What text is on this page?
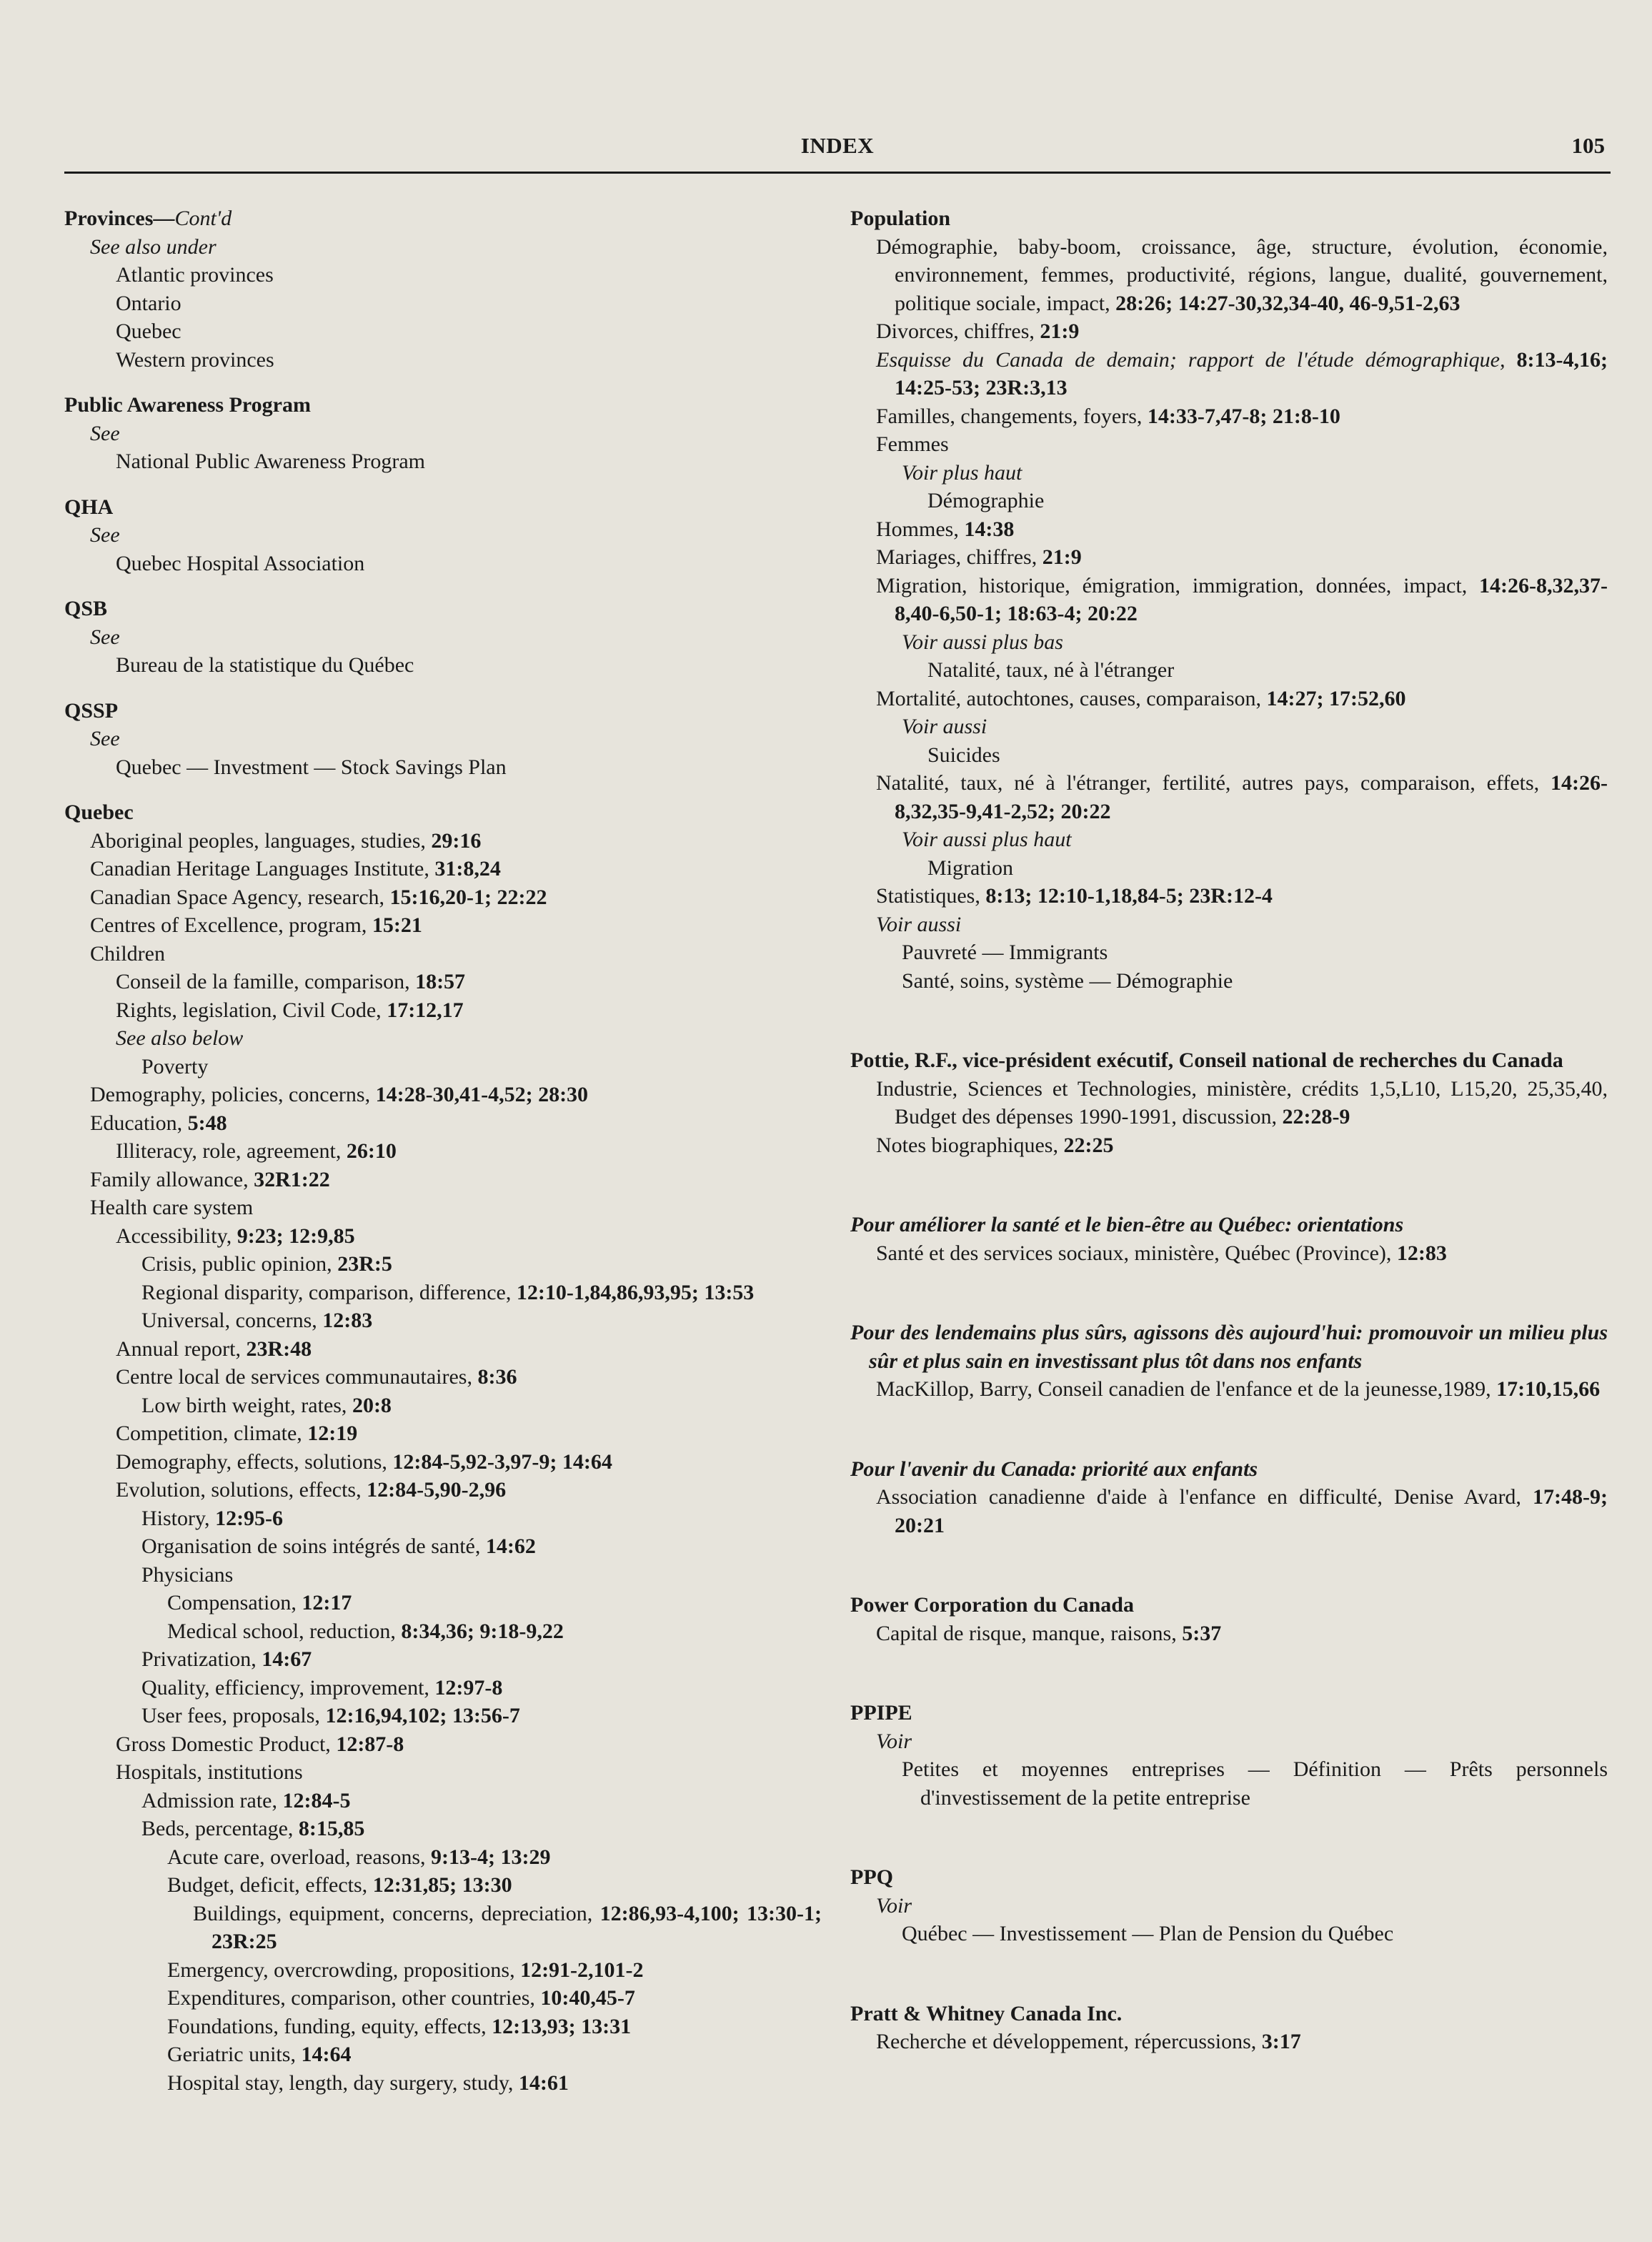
INDEX	105
Provinces—Cont'd
See also under
Atlantic provinces
Ontario
Quebec
Western provinces
Public Awareness Program
See
National Public Awareness Program
QHA
See
Quebec Hospital Association
QSB
See
Bureau de la statistique du Québec
QSSP
See
Quebec — Investment — Stock Savings Plan
Quebec
Aboriginal peoples, languages, studies, 29:16
Canadian Heritage Languages Institute, 31:8,24
Canadian Space Agency, research, 15:16,20-1; 22:22
Centres of Excellence, program, 15:21
Children
Conseil de la famille, comparison, 18:57
Rights, legislation, Civil Code, 17:12,17
See also below
Poverty
Demography, policies, concerns, 14:28-30,41-4,52; 28:30
Education, 5:48
Illiteracy, role, agreement, 26:10
Family allowance, 32R1:22
Health care system
Accessibility, 9:23; 12:9,85
Crisis, public opinion, 23R:5
Regional disparity, comparison, difference, 12:10-1,84,86,93,95; 13:53
Universal, concerns, 12:83
Annual report, 23R:48
Centre local de services communautaires, 8:36
Low birth weight, rates, 20:8
Competition, climate, 12:19
Demography, effects, solutions, 12:84-5,92-3,97-9; 14:64
Evolution, solutions, effects, 12:84-5,90-2,96
History, 12:95-6
Organisation de soins intégrés de santé, 14:62
Physicians
Compensation, 12:17
Medical school, reduction, 8:34,36; 9:18-9,22
Privatization, 14:67
Quality, efficiency, improvement, 12:97-8
User fees, proposals, 12:16,94,102; 13:56-7
Gross Domestic Product, 12:87-8
Hospitals, institutions
Admission rate, 12:84-5
Beds, percentage, 8:15,85
Acute care, overload, reasons, 9:13-4; 13:29
Budget, deficit, effects, 12:31,85; 13:30
Buildings, equipment, concerns, depreciation, 12:86,93-4,100; 13:30-1; 23R:25
Emergency, overcrowding, propositions, 12:91-2,101-2
Expenditures, comparison, other countries, 10:40,45-7
Foundations, funding, equity, effects, 12:13,93; 13:31
Geriatric units, 14:64
Hospital stay, length, day surgery, study, 14:61
Population
Démographie, baby-boom, croissance, âge, structure, évolution, économie, environnement, femmes, productivité, régions, langue, dualité, gouvernement, politique sociale, impact, 28:26; 14:27-30,32,34-40, 46-9,51-2,63
Divorces, chiffres, 21:9
Esquisse du Canada de demain; rapport de l'étude démographique, 8:13-4,16; 14:25-53; 23R:3,13
Familles, changements, foyers, 14:33-7,47-8; 21:8-10
Femmes
Voir plus haut
Démographie
Hommes, 14:38
Mariages, chiffres, 21:9
Migration, historique, émigration, immigration, données, impact, 14:26-8,32,37-8,40-6,50-1; 18:63-4; 20:22
Voir aussi plus bas
Natalité, taux, né à l'étranger
Mortalité, autochtones, causes, comparaison, 14:27; 17:52,60
Voir aussi
Suicides
Natalité, taux, né à l'étranger, fertilité, autres pays, comparaison, effets, 14:26-8,32,35-9,41-2,52; 20:22
Voir aussi plus haut
Migration
Statistiques, 8:13; 12:10-1,18,84-5; 23R:12-4
Voir aussi
Pauvreté — Immigrants
Santé, soins, système — Démographie
Pottie, R.F., vice-président exécutif, Conseil national de recherches du Canada
Industrie, Sciences et Technologies, ministère, crédits 1,5,L10, L15,20, 25,35,40, Budget des dépenses 1990-1991, discussion, 22:28-9
Notes biographiques, 22:25
Pour améliorer la santé et le bien-être au Québec: orientations
Santé et des services sociaux, ministère, Québec (Province), 12:83
Pour des lendemains plus sûrs, agissons dès aujourd'hui: promouvoir un milieu plus sûr et plus sain en investissant plus tôt dans nos enfants
MacKillop, Barry, Conseil canadien de l'enfance et de la jeunesse,1989, 17:10,15,66
Pour l'avenir du Canada: priorité aux enfants
Association canadienne d'aide à l'enfance en difficulté, Denise Avard, 17:48-9; 20:21
Power Corporation du Canada
Capital de risque, manque, raisons, 5:37
PPIPE
Voir
Petites et moyennes entreprises — Définition — Prêts personnels d'investissement de la petite entreprise
PPQ
Voir
Québec — Investissement — Plan de Pension du Québec
Pratt & Whitney Canada Inc.
Recherche et développement, répercussions, 3:17
